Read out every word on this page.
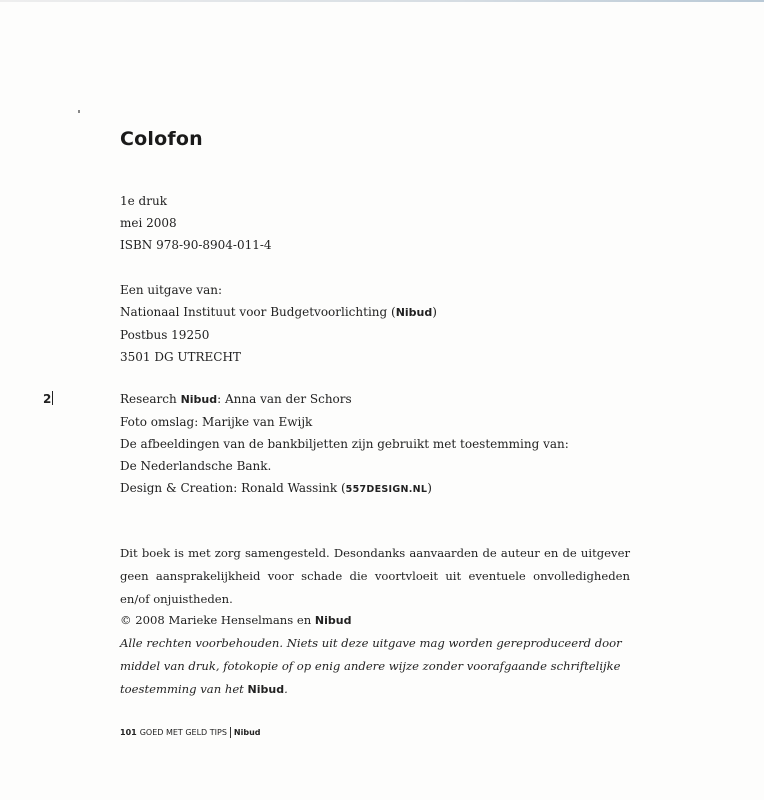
Colofon
1e druk
mei 2008
ISBN 978-90-8904-011-4
Een uitgave van:
Nationaal Instituut voor Budgetvoorlichting (Nibud)
Postbus 19250
3501 DG UTRECHT
2	Research Nibud: Anna van der Schors
Foto omslag: Marijke van Ewijk
De afbeeldingen van de bankbiljetten zijn gebruikt met toestemming van:
De Nederlandsche Bank.
Design & Creation: Ronald Wassink (557DESIGN.NL)
Dit boek is met zorg samengesteld. Desondanks aanvaarden de auteur en de uitgever geen aansprakelijkheid voor schade die voortvloeit uit eventuele onvolledigheden en/of onjuistheden.
© 2008 Marieke Henselmans en Nibud
Alle rechten voorbehouden. Niets uit deze uitgave mag worden gereproduceerd door middel van druk, fotokopie of op enig andere wijze zonder voorafgaande schriftelijke toestemming van het Nibud.
101 GOED MET GELD TIPS Nibud
